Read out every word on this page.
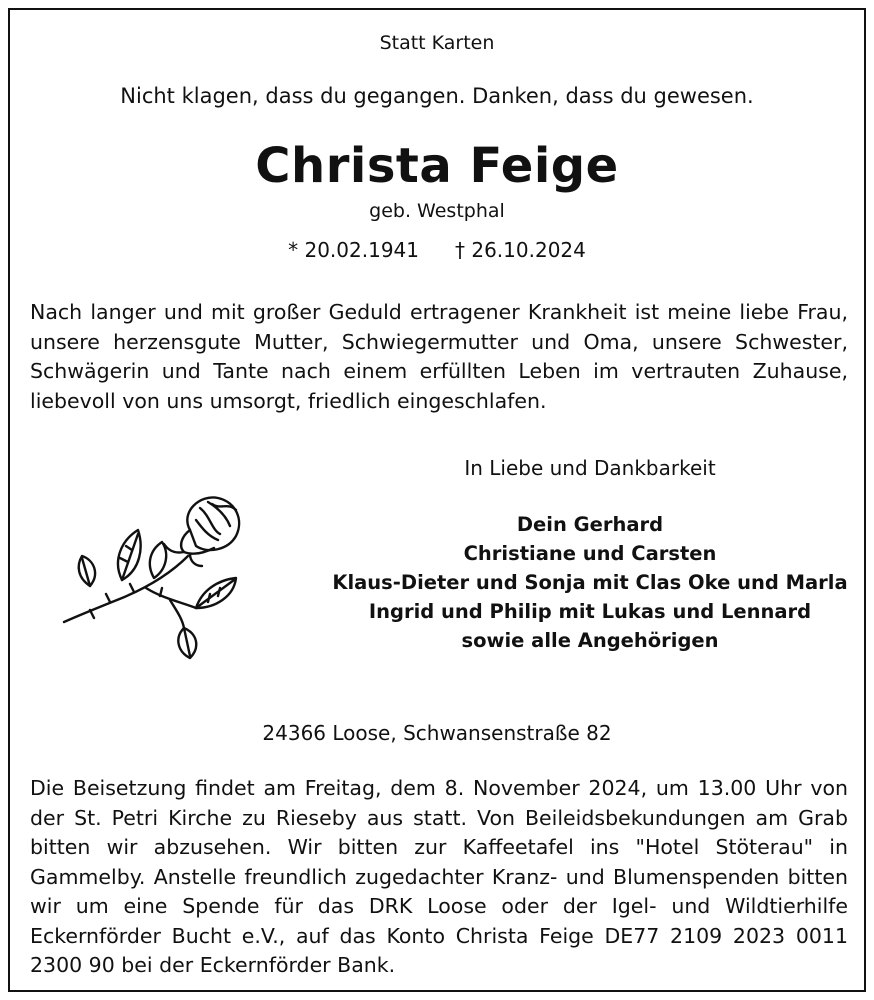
Statt Karten
Nicht klagen, dass du gegangen. Danken, dass du gewesen.
Christa Feige
geb. Westphal
* 20.02.1941 † 26.10.2024
Nach langer und mit großer Geduld ertragener Krankheit ist meine liebe Frau, unsere herzensgute Mutter, Schwiegermutter und Oma, unsere Schwester, Schwägerin und Tante nach einem erfüllten Leben im vertrauten Zuhause, liebevoll von uns umsorgt, friedlich eingeschlafen.
In Liebe und Dankbarkeit
Dein Gerhard
Christiane und Carsten
Klaus-Dieter und Sonja mit Clas Oke und Marla
Ingrid und Philip mit Lukas und Lennard
sowie alle Angehörigen
24366 Loose, Schwansenstraße 82
Die Beisetzung findet am Freitag, dem 8. November 2024, um 13.00 Uhr von der St. Petri Kirche zu Rieseby aus statt. Von Beileidsbekundungen am Grab bitten wir abzusehen. Wir bitten zur Kaffeetafel ins "Hotel Stöterau" in Gammelby. Anstelle freundlich zugedachter Kranz- und Blumenspenden bitten wir um eine Spende für das DRK Loose oder der Igel- und Wildtierhilfe Eckernförder Bucht e.V., auf das Konto Christa Feige DE77 2109 2023 0011 2300 90 bei der Eckernförder Bank.
